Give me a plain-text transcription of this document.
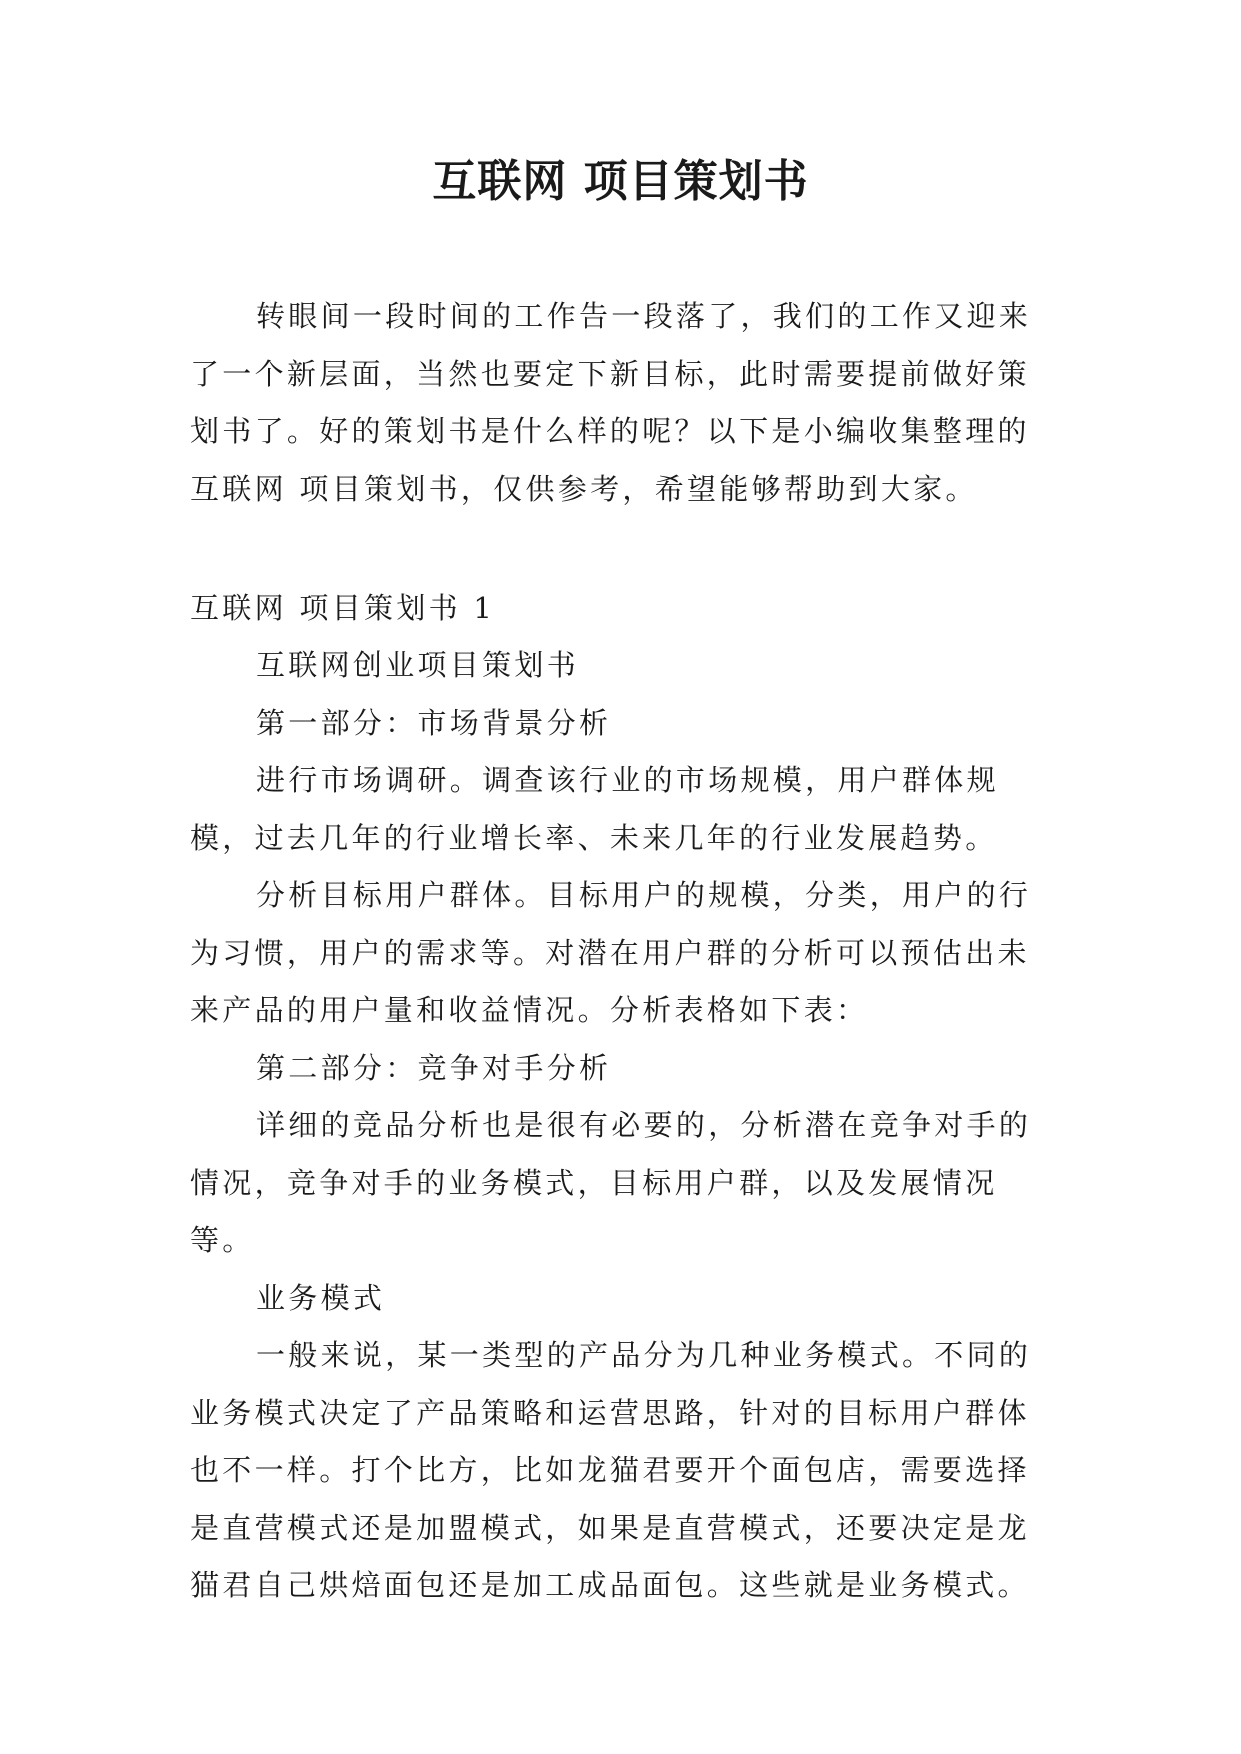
互联网 项目策划书

转眼间一段时间的工作告一段落了，我们的工作又迎来了一个新层面，当然也要定下新目标，此时需要提前做好策划书了。好的策划书是什么样的呢？以下是小编收集整理的互联网 项目策划书，仅供参考，希望能够帮助到大家。

互联网 项目策划书 1

互联网创业项目策划书

第一部分：市场背景分析

进行市场调研。调查该行业的市场规模，用户群体规模，过去几年的行业增长率、未来几年的行业发展趋势。

分析目标用户群体。目标用户的规模，分类，用户的行为习惯，用户的需求等。对潜在用户群的分析可以预估出未来产品的用户量和收益情况。分析表格如下表：

第二部分：竞争对手分析

详细的竞品分析也是很有必要的，分析潜在竞争对手的情况，竞争对手的业务模式，目标用户群，以及发展情况等。

业务模式

一般来说，某一类型的产品分为几种业务模式。不同的业务模式决定了产品策略和运营思路，针对的目标用户群体也不一样。打个比方，比如龙猫君要开个面包店，需要选择是直营模式还是加盟模式，如果是直营模式，还要决定是龙猫君自己烘焙面包还是加工成品面包。这些就是业务模式。
